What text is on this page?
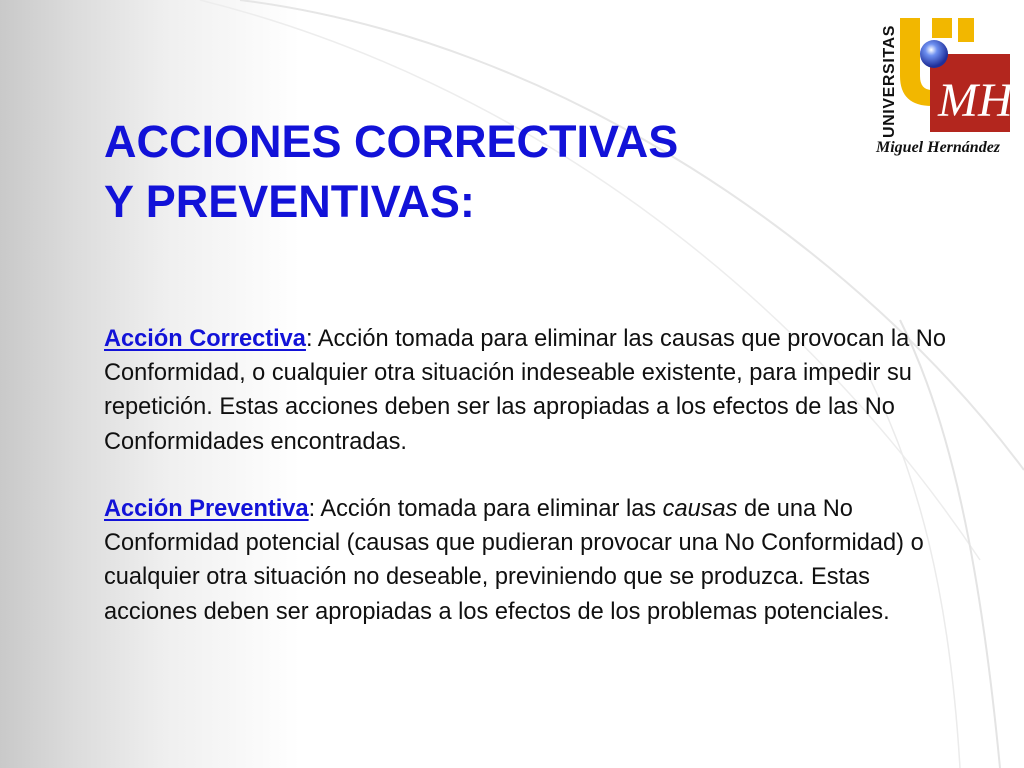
UNIVERSITAS MH
Miguel Hernández
ACCIONES CORRECTIVAS
Y PREVENTIVAS:

Acción Correctiva: Acción tomada para eliminar las causas que provocan la No Conformidad, o cualquier otra situación indeseable existente, para impedir su repetición. Estas acciones deben ser las apropiadas a los efectos de las No Conformidades encontradas.

Acción Preventiva: Acción tomada para eliminar las causas de una No Conformidad potencial (causas que pudieran provocar una No Conformidad) o cualquier otra situación no deseable, previniendo que se produzca. Estas acciones deben ser apropiadas a los efectos de los problemas potenciales.
